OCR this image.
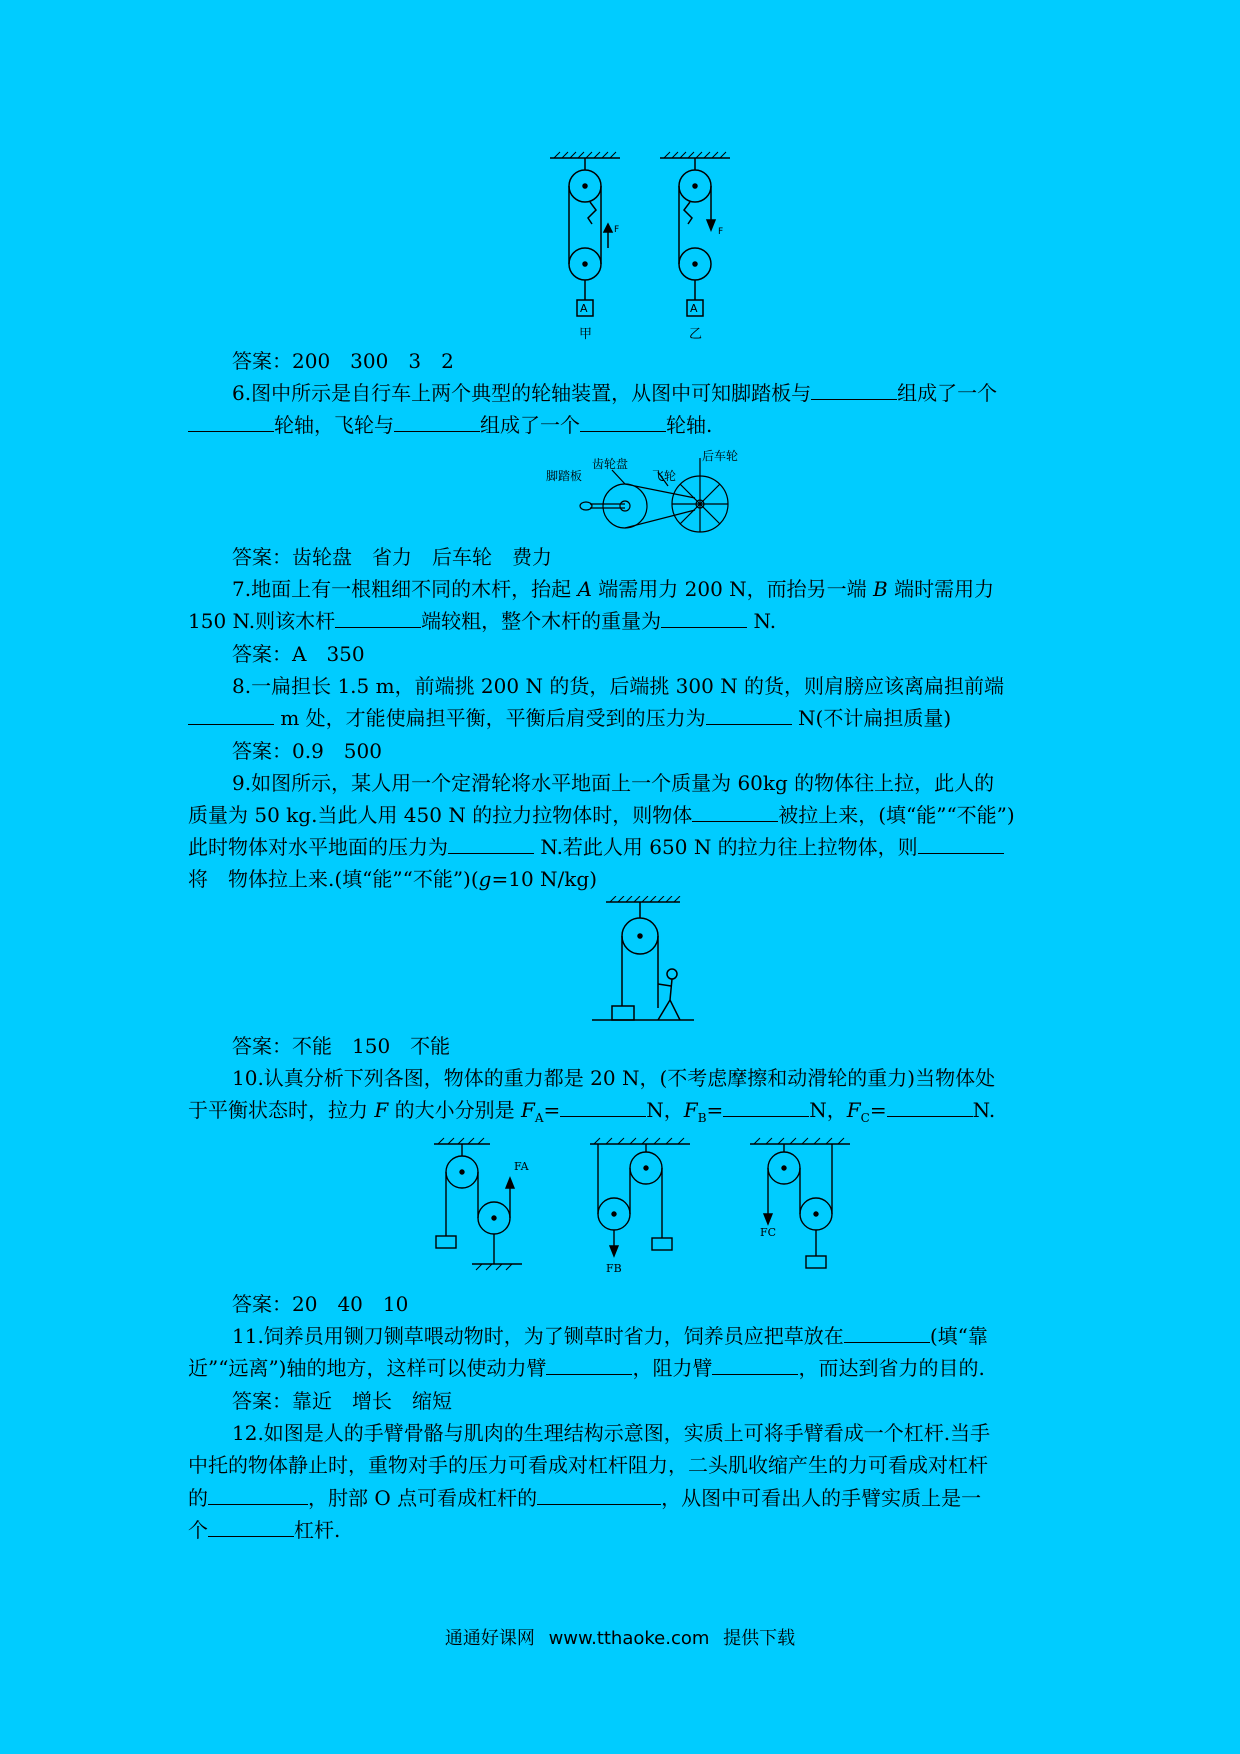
F	F
A	A
甲	乙
答案：200　300　3　2
6.图中所示是自行车上两个典型的轮轴装置，从图中可知脚踏板与	组成了一个
轮轴，飞轮与	组成了一个	轮轴.
脚踏板
齿轮盘
飞轮
后车轮
答案：齿轮盘　省力　后车轮　费力
7.地面上有一根粗细不同的木杆，抬起 A 端需用力 200 N，而抬另一端 B 端时需用力
150 N.则该木杆	端较粗，整个木杆的重量为	N.
答案：A　350
8.一扁担长 1.5 m，前端挑 200 N 的货，后端挑 300 N 的货，则肩膀应该离扁担前端
m 处，才能使扁担平衡，平衡后肩受到的压力为	N(不计扁担质量)
答案：0.9　500
9.如图所示，某人用一个定滑轮将水平地面上一个质量为 60kg 的物体往上拉，此人的
质量为 50 kg.当此人用 450 N 的拉力拉物体时，则物体	被拉上来，(填“能”“不能”)
此时物体对水平地面的压力为	N.若此人用 650 N 的拉力往上拉物体，则
将　物体拉上来.(填“能”“不能”)(g=10 N/kg)
答案：不能　150　不能
10.认真分析下列各图，物体的重力都是 20 N，(不考虑摩擦和动滑轮的重力)当物体处
于平衡状态时，拉力 F 的大小分别是 $F_A=$	N，$F_B=$	N，$F_C=$	N.
FA
FB
FC
答案：20　40　10
11.饲养员用铡刀铡草喂动物时，为了铡草时省力，饲养员应把草放在	(填“靠
近”“远离”)轴的地方，这样可以使动力臂	，阻力臂	，而达到省力的目的.
答案：靠近　增长　缩短
12.如图是人的手臂骨骼与肌肉的生理结构示意图，实质上可将手臂看成一个杠杆.当手
中托的物体静止时，重物对手的压力可看成对杠杆阻力，二头肌收缩产生的力可看成对杠杆
的	，肘部 O 点可看成杠杆的	，从图中可看出人的手臂实质上是一
个	杠杆.
通通好课网 www.tthaoke.com 提供下载
